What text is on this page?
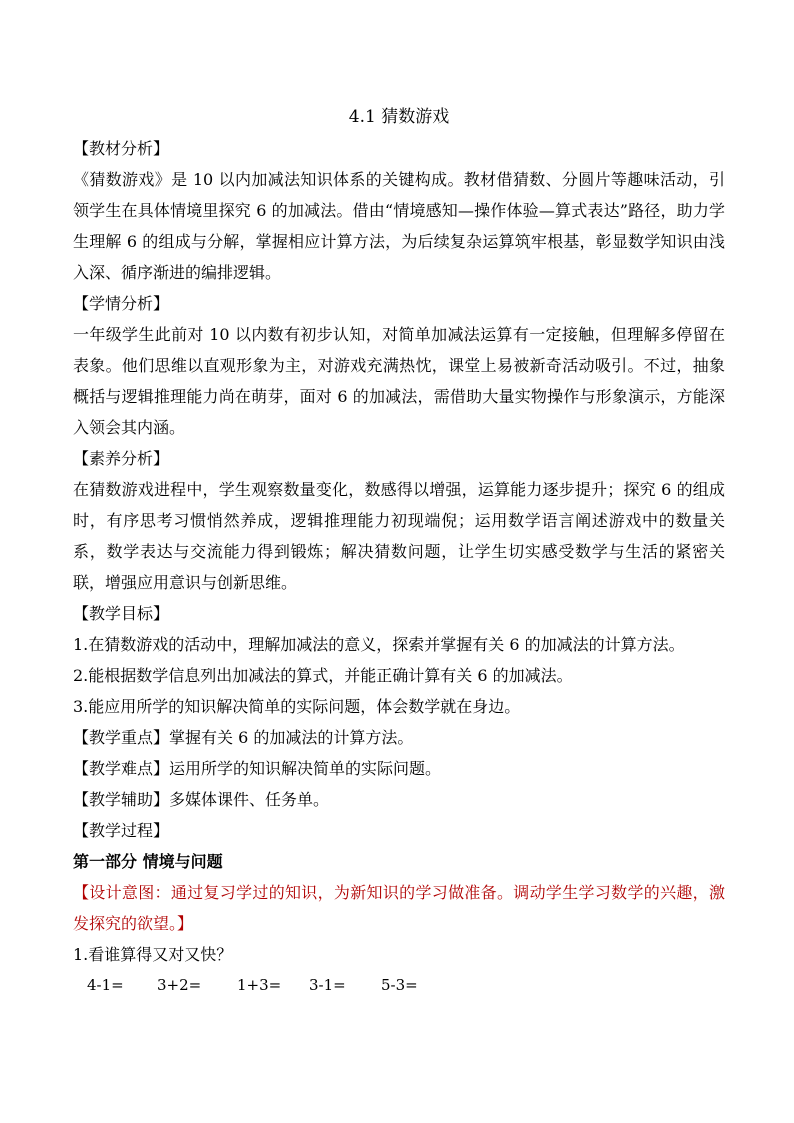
4.1 猜数游戏
【教材分析】

《猜数游戏》是 10 以内加减法知识体系的关键构成。教材借猜数、分圆片等趣味活动，引领学生在具体情境里探究 6 的加减法。借由“情境感知—操作体验—算式表达”路径，助力学生理解 6 的组成与分解，掌握相应计算方法，为后续复杂运算筑牢根基，彰显数学知识由浅入深、循序渐进的编排逻辑。

【学情分析】

一年级学生此前对 10 以内数有初步认知，对简单加减法运算有一定接触，但理解多停留在表象。他们思维以直观形象为主，对游戏充满热忱，课堂上易被新奇活动吸引。不过，抽象概括与逻辑推理能力尚在萌芽，面对 6 的加减法，需借助大量实物操作与形象演示，方能深入领会其内涵。

【素养分析】

在猜数游戏进程中，学生观察数量变化，数感得以增强，运算能力逐步提升；探究 6 的组成时，有序思考习惯悄然养成，逻辑推理能力初现端倪；运用数学语言阐述游戏中的数量关系，数学表达与交流能力得到锻炼；解决猜数问题，让学生切实感受数学与生活的紧密关联，增强应用意识与创新思维。

【教学目标】
1.在猜数游戏的活动中，理解加减法的意义，探索并掌握有关 6 的加减法的计算方法。
2.能根据数学信息列出加减法的算式，并能正确计算有关 6 的加减法。
3.能应用所学的知识解决简单的实际问题，体会数学就在身边。
【教学重点】掌握有关 6 的加减法的计算方法。
【教学难点】运用所学的知识解决简单的实际问题。
【教学辅助】多媒体课件、任务单。
【教学过程】
第一部分 情境与问题

【设计意图：通过复习学过的知识，为新知识的学习做准备。调动学生学习数学的兴趣，激发探究的欲望。】

1.看谁算得又对又快？
4-1= 3+2= 1+3= 3-1= 5-3=
